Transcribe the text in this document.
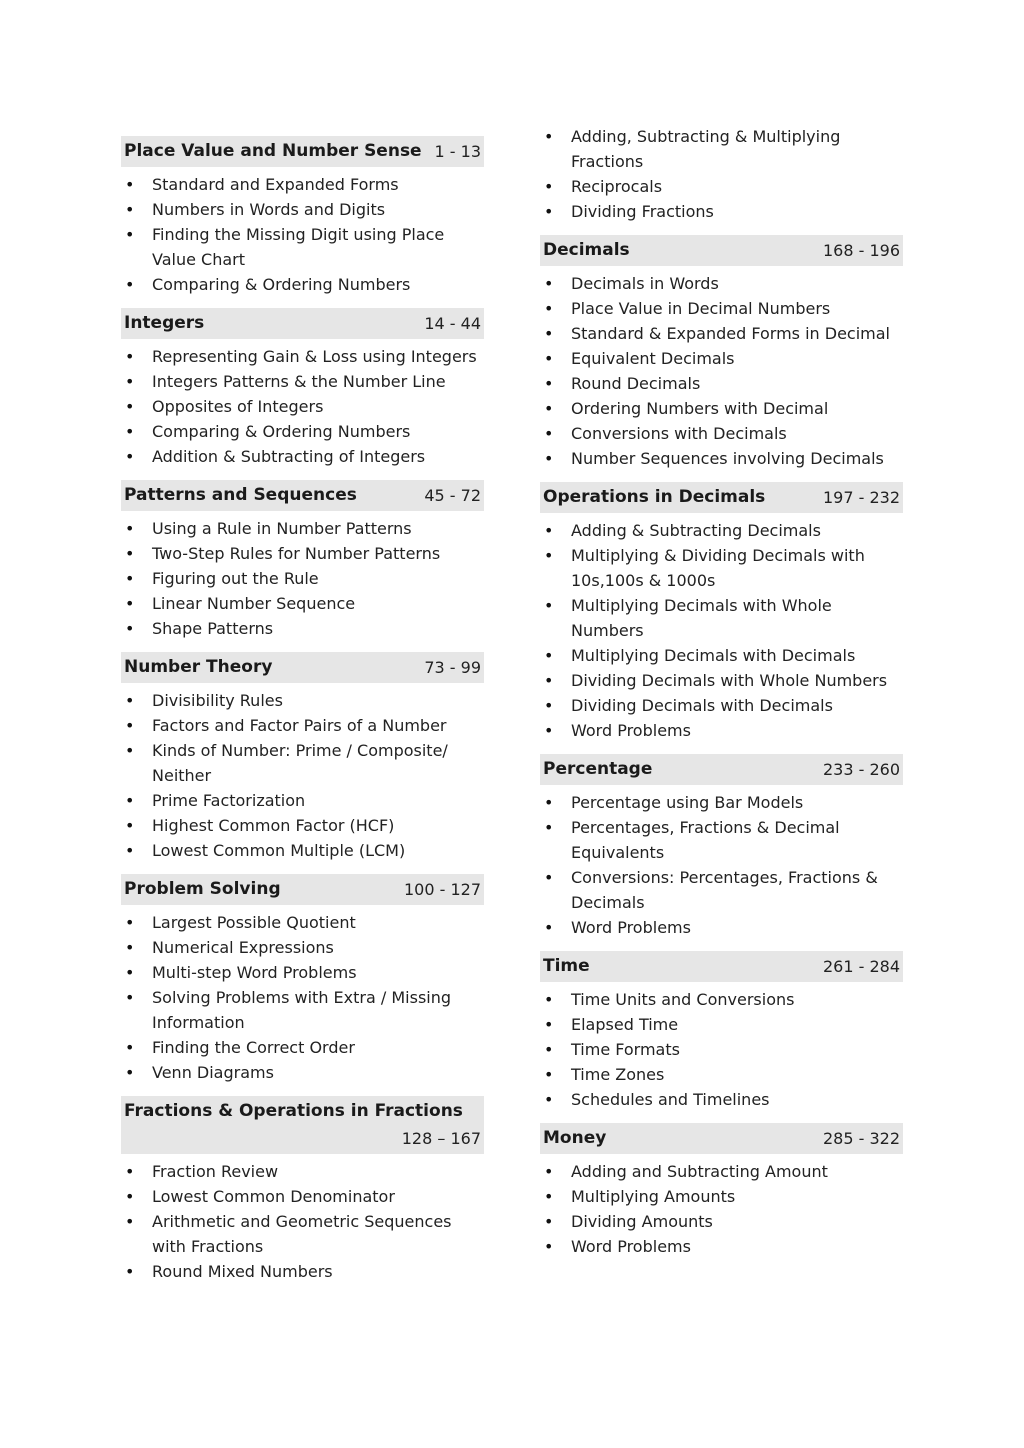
Place Value and Number Sense 1 - 13
• Standard and Expanded Forms
• Numbers in Words and Digits
• Finding the Missing Digit using Place Value Chart
• Comparing & Ordering Numbers
Integers	14 - 44
• Representing Gain & Loss using Integers
• Integers Patterns & the Number Line
• Opposites of Integers
• Comparing & Ordering Numbers
• Addition & Subtracting of Integers
Patterns and Sequences	45 - 72
• Using a Rule in Number Patterns
• Two-Step Rules for Number Patterns
• Figuring out the Rule
• Linear Number Sequence
• Shape Patterns
Number Theory	73 - 99
• Divisibility Rules
• Factors and Factor Pairs of a Number
• Kinds of Number: Prime / Composite/ Neither
• Prime Factorization
• Highest Common Factor (HCF)
• Lowest Common Multiple (LCM)
Problem Solving	100 - 127
• Largest Possible Quotient
• Numerical Expressions
• Multi-step Word Problems
• Solving Problems with Extra / Missing Information
• Finding the Correct Order
• Venn Diagrams
Fractions & Operations in Fractions
128 – 167
• Fraction Review
• Lowest Common Denominator
• Arithmetic and Geometric Sequences with Fractions
• Round Mixed Numbers
• Adding, Subtracting & Multiplying Fractions
• Reciprocals
• Dividing Fractions
Decimals	168 - 196
• Decimals in Words
• Place Value in Decimal Numbers
• Standard & Expanded Forms in Decimal
• Equivalent Decimals
• Round Decimals
• Ordering Numbers with Decimal
• Conversions with Decimals
• Number Sequences involving Decimals
Operations in Decimals	197 - 232
• Adding & Subtracting Decimals
• Multiplying & Dividing Decimals with 10s,100s & 1000s
• Multiplying Decimals with Whole Numbers
• Multiplying Decimals with Decimals
• Dividing Decimals with Whole Numbers
• Dividing Decimals with Decimals
• Word Problems
Percentage	233 - 260
• Percentage using Bar Models
• Percentages, Fractions & Decimal Equivalents
• Conversions: Percentages, Fractions & Decimals
• Word Problems
Time	261 - 284
• Time Units and Conversions
• Elapsed Time
• Time Formats
• Time Zones
• Schedules and Timelines
Money	285 - 322
• Adding and Subtracting Amount
• Multiplying Amounts
• Dividing Amounts
• Word Problems
